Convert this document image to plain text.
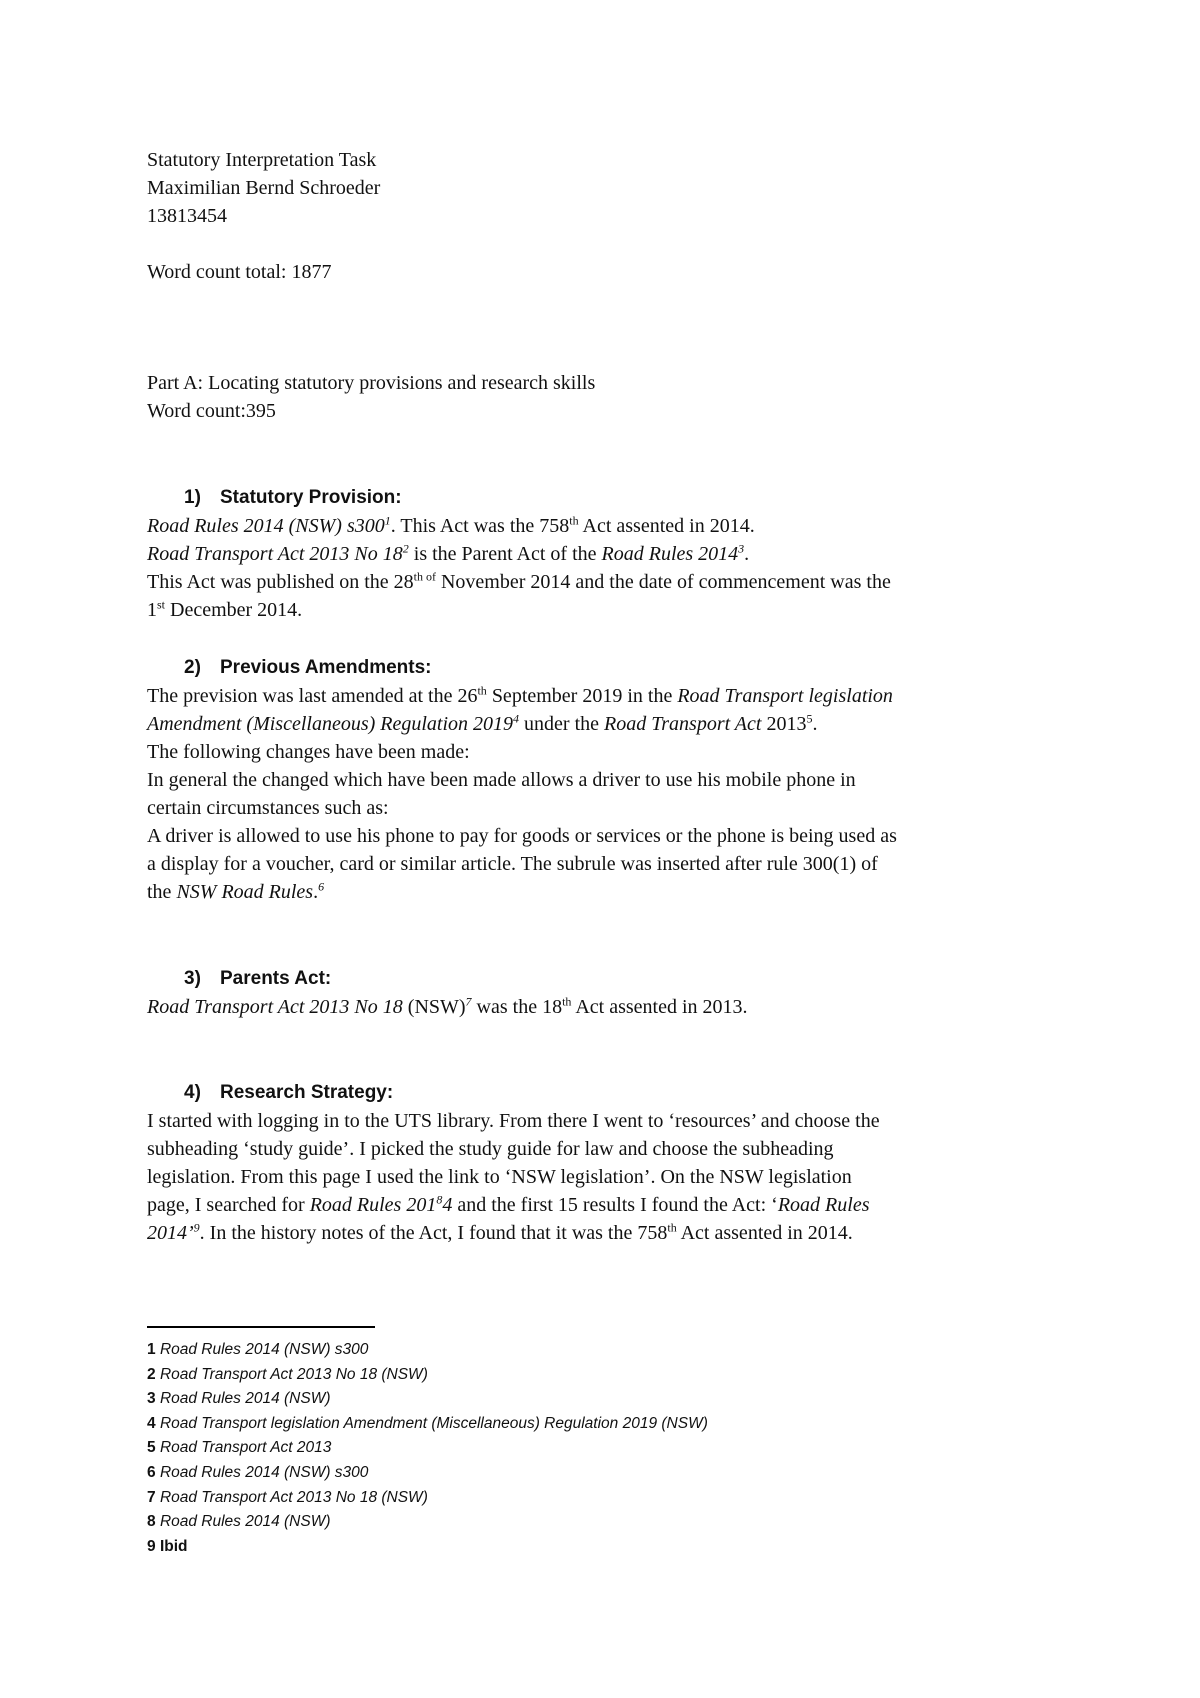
Statutory Interpretation Task
Maximilian Bernd Schroeder
13813454
Word count total: 1877
Part A: Locating statutory provisions and research skills
Word count:395
1) Statutory Provision:
Road Rules 2014 (NSW) $s300^1$. This Act was the 758th Act assented in 2014.
Road Transport Act 2013 No $18^2$ is the Parent Act of the Road Rules 2014$^3$.
This Act was published on the $28^{th of}$ November 2014 and the date of commencement was the
1st December 2014.
2) Previous Amendments:
The prevision was last amended at the 26th September 2019 in the Road Transport legislation
Amendment (Miscellaneous) Regulation 2019$^4$ under the Road Transport Act 2013$^5$.
The following changes have been made:
In general the changed which have been made allows a driver to use his mobile phone in
certain circumstances such as:
A driver is allowed to use his phone to pay for goods or services or the phone is being used as
a display for a voucher, card or similar article. The subrule was inserted after rule 300(1) of
the NSW Road Rules.$^6$
3) Parents Act:
Road Transport Act 2013 No 18 (NSW)$^7$ was the 18th Act assented in 2013.
4) Research Strategy:
I started with logging in to the UTS library. From there I went to ‘resources’ and choose the
subheading ‘study guide’. I picked the study guide for law and choose the subheading
legislation. From this page I used the link to ‘NSW legislation’. On the NSW legislation
page, I searched for Road Rules $201^84$ and the first 15 results I found the Act: ‘Road Rules
2014’$^9$. In the history notes of the Act, I found that it was the 758th Act assented in 2014.
1 Road Rules 2014 (NSW) s300
2 Road Transport Act 2013 No 18 (NSW)
3 Road Rules 2014 (NSW)
4 Road Transport legislation Amendment (Miscellaneous) Regulation 2019 (NSW)
5 Road Transport Act 2013
6 Road Rules 2014 (NSW) s300
7 Road Transport Act 2013 No 18 (NSW)
8 Road Rules 2014 (NSW)
9 Ibid
